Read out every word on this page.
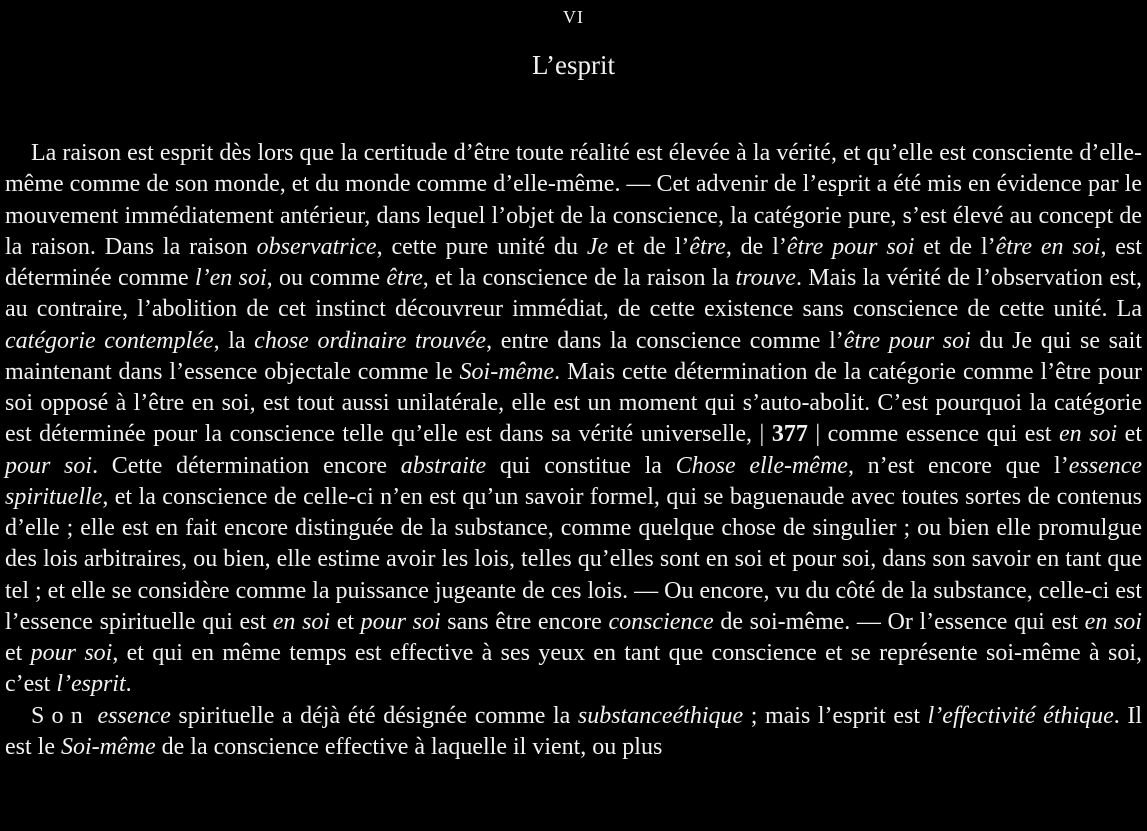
VI
L’esprit

La raison est esprit dès lors que la certitude d’être toute réalité est élevée à la vérité, et qu’elle est consciente d’elle-même comme de son monde, et du monde comme d’elle-même. — Cet advenir de l’esprit a été mis en évidence par le mouvement immédiatement antérieur, dans lequel l’objet de la conscience, la catégorie pure, s’est élevé au concept de la raison. Dans la raison observatrice, cette pure unité du Je et de l’être, de l’être pour soi et de l’être en soi, est déterminée comme l’en soi, ou comme être, et la conscience de la raison la trouve. Mais la vérité de l’observation est, au contraire, l’abolition de cet instinct découvreur immédiat, de cette existence sans conscience de cette unité. La catégorie contemplée, la chose ordinaire trouvée, entre dans la conscience comme l’être pour soi du Je qui se sait maintenant dans l’essence objectale comme le Soi-même. Mais cette détermination de la catégorie comme l’être pour soi opposé à l’être en soi, est tout aussi unilatérale, elle est un moment qui s’auto-abolit. C’est pourquoi la catégorie est déterminée pour la conscience telle qu’elle est dans sa vérité universelle, | 377 | comme essence qui est en soi et pour soi. Cette détermination encore abstraite qui constitue la Chose elle-même, n’est encore que l’essence spirituelle, et la conscience de celle-ci n’en est qu’un savoir formel, qui se baguenaude avec toutes sortes de contenus d’elle ; elle est en fait encore distinguée de la substance, comme quelque chose de singulier ; ou bien elle promulgue des lois arbitraires, ou bien, elle estime avoir les lois, telles qu’elles sont en soi et pour soi, dans son savoir en tant que tel ; et elle se considère comme la puissance jugeante de ces lois. — Ou encore, vu du côté de la substance, celle-ci est l’essence spirituelle qui est en soi et pour soi sans être encore conscience de soi-même. — Or l’essence qui est en soi et pour soi, et qui en même temps est effective à ses yeux en tant que conscience et se représente soi-même à soi, c’est l’esprit.

Son essence spirituelle a déjà été désignée comme la substanceéthique ; mais l’esprit est l’effectivité éthique. Il est le Soi-même de la conscience effective à laquelle il vient, ou plus
